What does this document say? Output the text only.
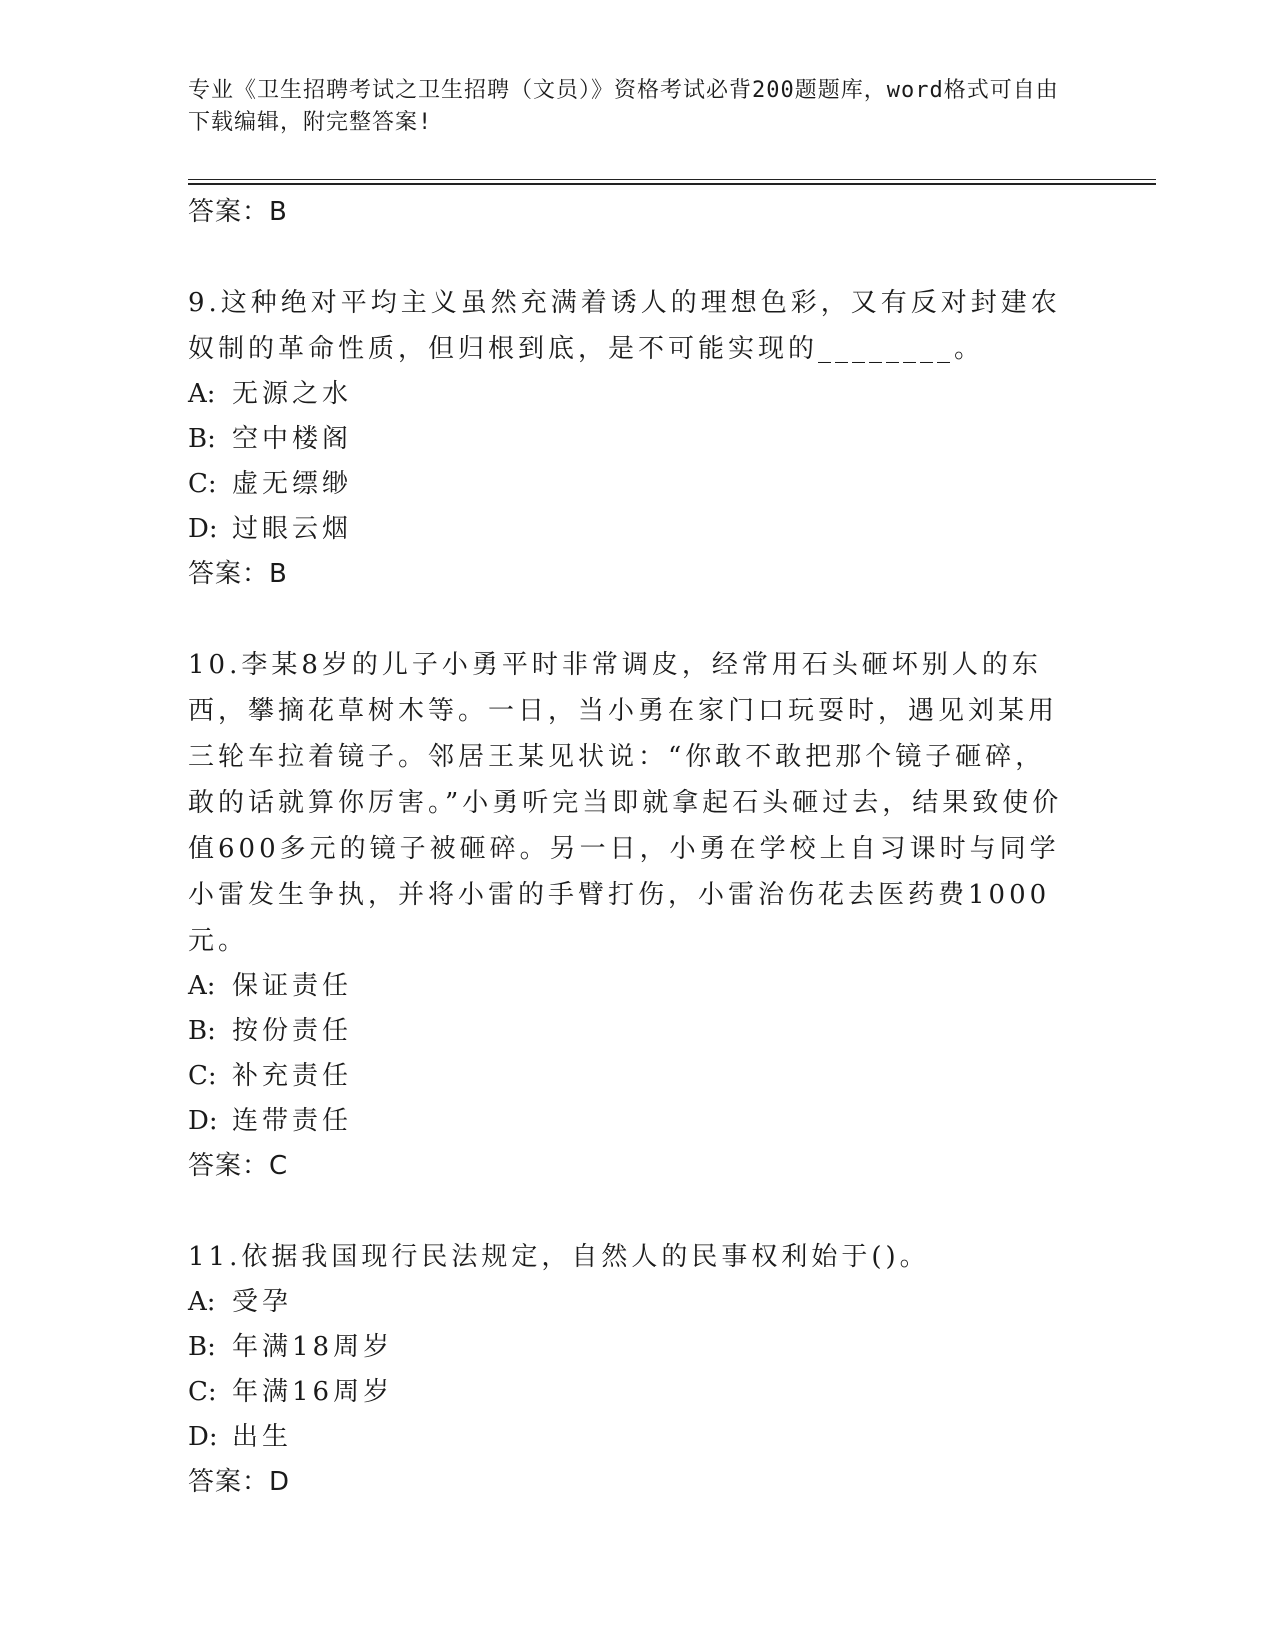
专业《卫生招聘考试之卫生招聘（文员）》资格考试必背200题题库，word格式可自由下载编辑，附完整答案!
答案：B
9.这种绝对平均主义虽然充满着诱人的理想色彩，又有反对封建农奴制的革命性质，但归根到底，是不可能实现的________。
A: 无源之水
B: 空中楼阁
C: 虚无缥缈
D: 过眼云烟
答案：B
10.李某8岁的儿子小勇平时非常调皮，经常用石头砸坏别人的东西，攀摘花草树木等。一日，当小勇在家门口玩耍时，遇见刘某用三轮车拉着镜子。邻居王某见状说：“你敢不敢把那个镜子砸碎，敢的话就算你厉害。”小勇听完当即就拿起石头砸过去，结果致使价值600多元的镜子被砸碎。另一日，小勇在学校上自习课时与同学小雷发生争执，并将小雷的手臂打伤，小雷治伤花去医药费1000元。
A: 保证责任
B: 按份责任
C: 补充责任
D: 连带责任
答案：C
11.依据我国现行民法规定，自然人的民事权利始于()。
A: 受孕
B: 年满18周岁
C: 年满16周岁
D: 出生
答案：D
